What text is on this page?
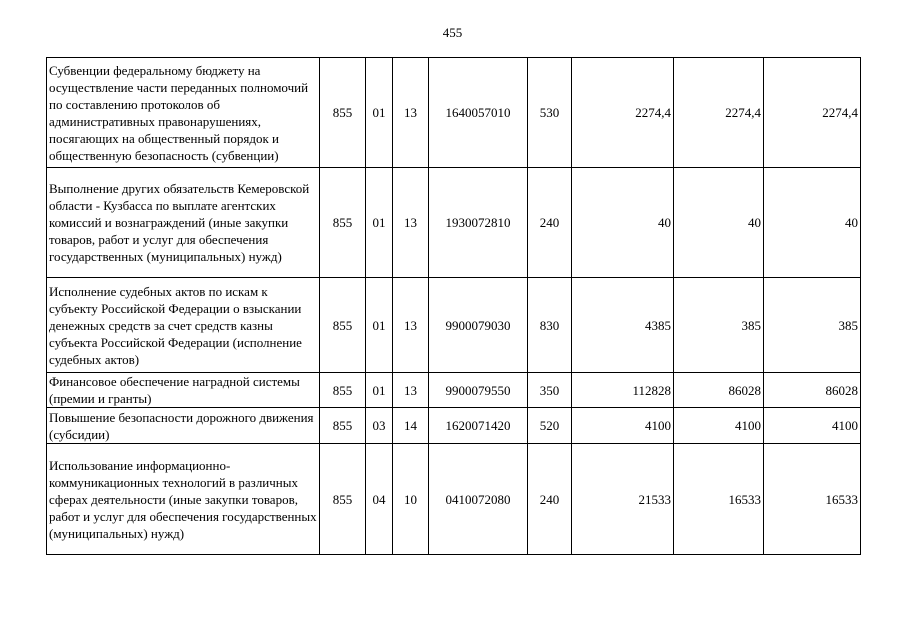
455
Субвенции федеральному бюджету на осуществление части переданных полномочий по составлению протоколов об административных правонарушениях, посягающих на общественный порядок и общественную безопасность (субвенции)	855	01	13	1640057010	530	2274,4	2274,4	2274,4
Выполнение других обязательств Кемеровской области - Кузбасса по выплате агентских комиссий и вознаграждений (иные закупки товаров, работ и услуг для обеспечения государственных (муниципальных) нужд)	855	01	13	1930072810	240	40	40	40
Исполнение судебных актов по искам к субъекту Российской Федерации о взыскании денежных средств за счет средств казны субъекта Российской Федерации (исполнение судебных актов)	855	01	13	9900079030	830	4385	385	385
Финансовое обеспечение наградной системы (премии и гранты)	855	01	13	9900079550	350	112828	86028	86028
Повышение безопасности дорожного движения (субсидии)	855	03	14	1620071420	520	4100	4100	4100
Использование информационно-коммуникационных технологий в различных сферах деятельности (иные закупки товаров, работ и услуг для обеспечения государственных (муниципальных) нужд)	855	04	10	0410072080	240	21533	16533	16533
